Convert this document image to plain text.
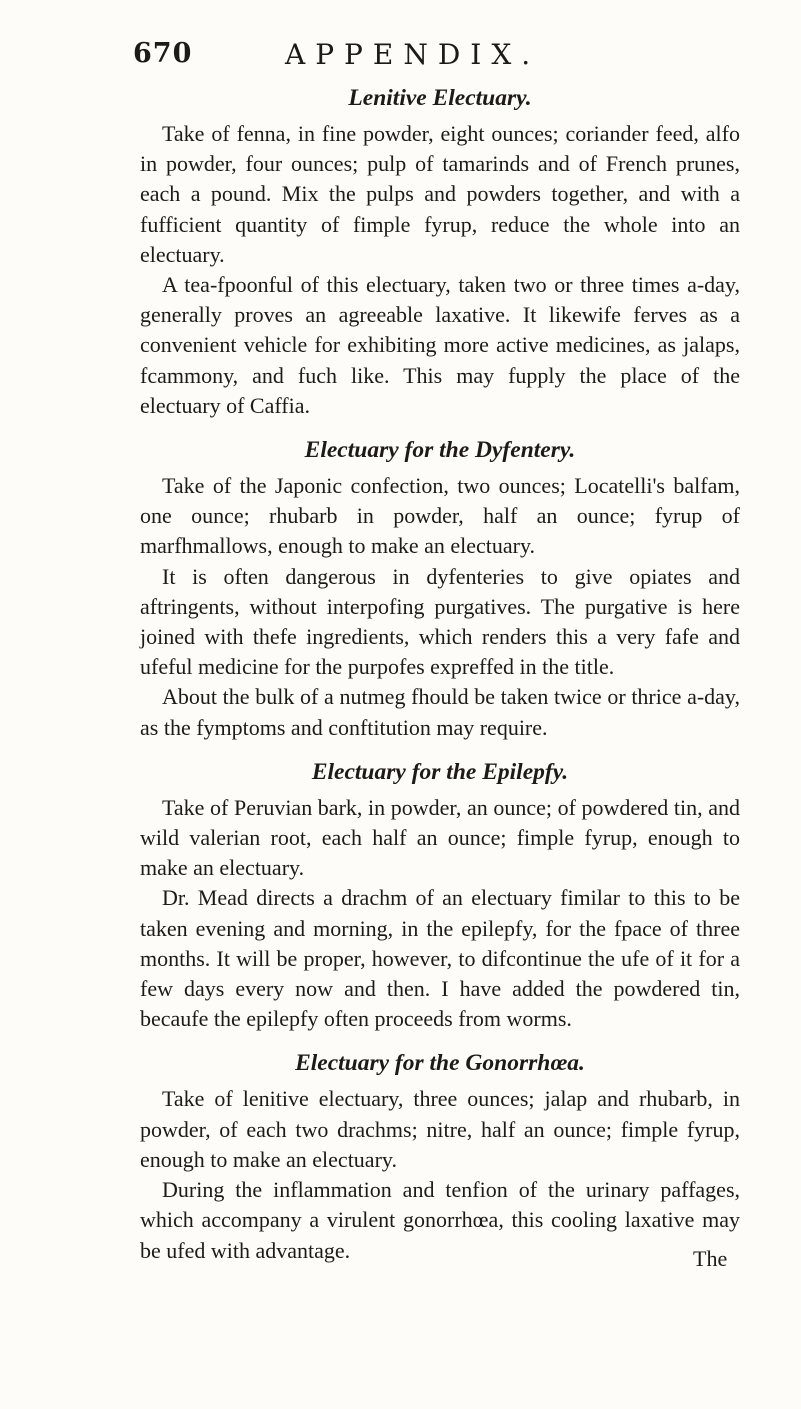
670	APPENDIX.
Lenitive Electuary.

Take of fenna, in fine powder, eight ounces; coriander feed, alfo in powder, four ounces; pulp of tamarinds and of French prunes, each a pound. Mix the pulps and powders together, and with a fufficient quantity of fimple fyrup, reduce the whole into an electuary.

A tea-fpoonful of this electuary, taken two or three times a-day, generally proves an agreeable laxative. It likewife ferves as a convenient vehicle for exhibiting more active medicines, as jalaps, fcammony, and fuch like. This may fupply the place of the electuary of Caffia.

Electuary for the Dyfentery.

Take of the Japonic confection, two ounces; Locatelli's balfam, one ounce; rhubarb in powder, half an ounce; fyrup of marfhmallows, enough to make an electuary.

It is often dangerous in dyfenteries to give opiates and aftringents, without interpofing purgatives. The purgative is here joined with thefe ingredients, which renders this a very fafe and ufeful medicine for the purpofes expreffed in the title.

About the bulk of a nutmeg fhould be taken twice or thrice a-day, as the fymptoms and conftitution may require.

Electuary for the Epilepfy.

Take of Peruvian bark, in powder, an ounce; of powdered tin, and wild valerian root, each half an ounce; fimple fyrup, enough to make an electuary.

Dr. Mead directs a drachm of an electuary fimilar to this to be taken evening and morning, in the epilepfy, for the fpace of three months. It will be proper, however, to difcontinue the ufe of it for a few days every now and then. I have added the powdered tin, becaufe the epilepfy often proceeds from worms.

Electuary for the Gonorrhœa.

Take of lenitive electuary, three ounces; jalap and rhubarb, in powder, of each two drachms; nitre, half an ounce; fimple fyrup, enough to make an electuary.

During the inflammation and tenfion of the urinary paffages, which accompany a virulent gonorrhœa, this cooling laxative may be ufed with advantage.	The
